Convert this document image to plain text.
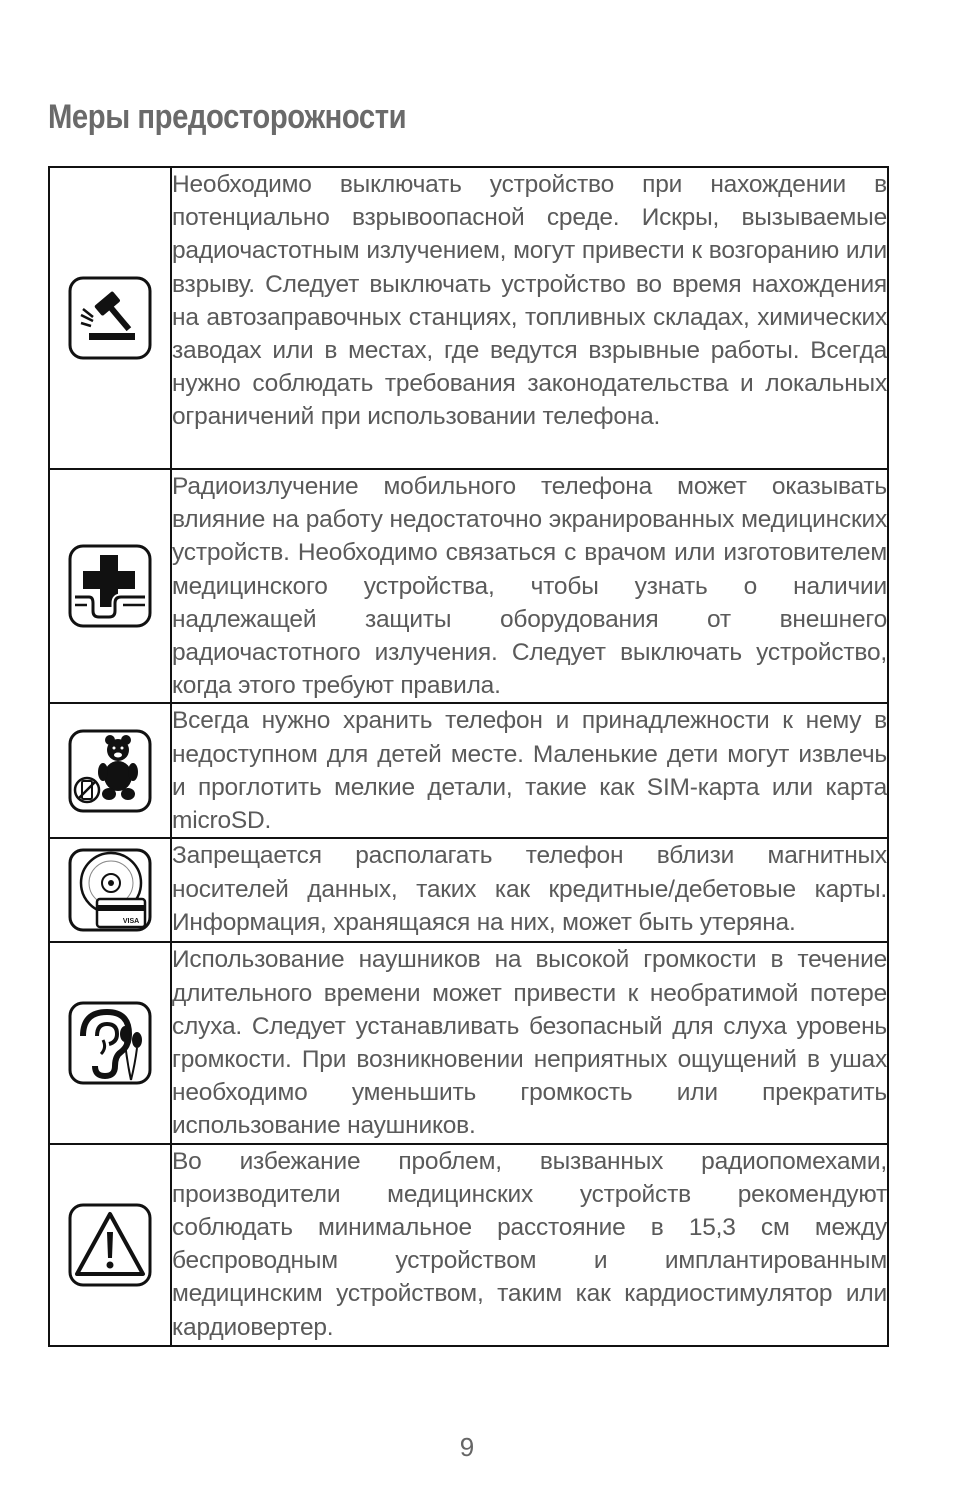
Меры предосторожности

Необходимо выключать устройство при нахождении в потенциально взрывоопасной среде. Искры, вызываемые радиочастотным излучением, могут привести к возгоранию или взрыву. Следует выключать устройство во время нахождения на автозаправочных станциях, топливных складах, химических заводах или в местах, где ведутся взрывные работы. Всегда нужно соблюдать требования законодательства и локальных ограничений при использовании телефона.

Радиоизлучение мобильного телефона может оказывать влияние на работу недостаточно экранированных медицинских устройств. Необходимо связаться с врачом или изготовителем медицинского устройства, чтобы узнать о наличии надлежащей защиты оборудования от внешнего радиочастотного излучения. Следует выключать устройство, когда этого требуют правила.

Всегда нужно хранить телефон и принадлежности к нему в недоступном для детей месте. Маленькие дети могут извлечь и проглотить мелкие детали, такие как SIM-карта или карта microSD.

VISA	Запрещается располагать телефон вблизи магнитных носителей данных, таких как кредитные/дебетовые карты. Информация, хранящаяся на них, может быть утеряна.

Использование наушников на высокой громкости в течение длительного времени может привести к необратимой потере слуха. Следует устанавливать безопасный для слуха уровень громкости. При возникновении неприятных ощущений в ушах необходимо уменьшить громкость или прекратить использование наушников.

Во избежание проблем, вызванных радиопомехами, производители медицинских устройств рекомендуют соблюдать минимальное расстояние в 15,3 см между беспроводным устройством и имплантированным медицинским устройством, таким как кардиостимулятор или кардиовертер.
9
